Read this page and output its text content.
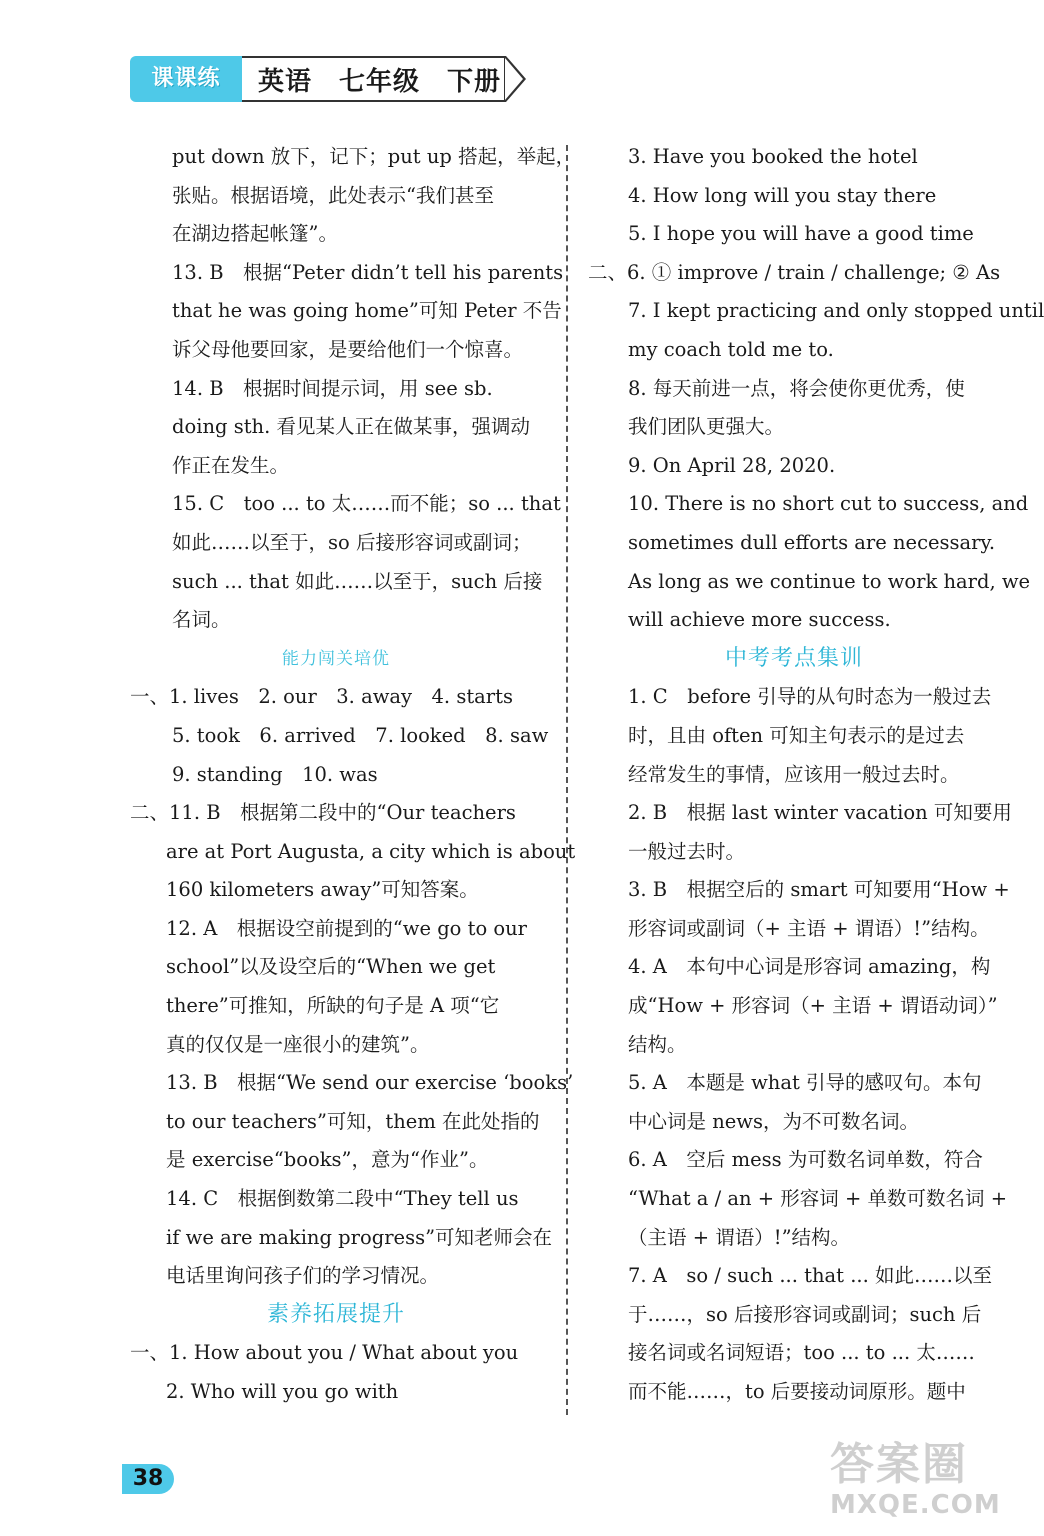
课课练	英语　七年级　下册
put down 放下，记下；put up 搭起，举起，
张贴。根据语境，此处表示“我们甚至
在湖边搭起帐篷”。
13. B　根据“Peter didn’t tell his parents
that he was going home”可知 Peter 不告
诉父母他要回家，是要给他们一个惊喜。
14. B　根据时间提示词，用 see sb.
doing sth. 看见某人正在做某事，强调动
作正在发生。
15. C　too ... to 太……而不能；so ... that
如此……以至于，so 后接形容词或副词；
such ... that 如此……以至于，such 后接
名词。
能力闯关培优
一、1. lives　2. our　3. away　4. starts
5. took　6. arrived　7. looked　8. saw
9. standing　10. was
二、11. B　根据第二段中的“Our teachers
are at Port Augusta, a city which is about
160 kilometers away”可知答案。
12. A　根据设空前提到的“we go to our
school”以及设空后的“When we get
there”可推知，所缺的句子是 A 项“它
真的仅仅是一座很小的建筑”。
13. B　根据“We send our exercise ‘books’
to our teachers”可知，them 在此处指的
是 exercise“books”，意为“作业”。
14. C　根据倒数第二段中“They tell us
if we are making progress”可知老师会在
电话里询问孩子们的学习情况。
素养拓展提升
一、1. How about you / What about you
2. Who will you go with
3. Have you booked the hotel
4. How long will you stay there
5. I hope you will have a good time
二、6. ① improve / train / challenge; ② As
7. I kept practicing and only stopped until
my coach told me to.
8. 每天前进一点，将会使你更优秀，使
我们团队更强大。
9. On April 28, 2020.
10. There is no short cut to success, and
sometimes dull efforts are necessary.
As long as we continue to work hard, we
will achieve more success.
中考考点集训
1. C　before 引导的从句时态为一般过去
时，且由 often 可知主句表示的是过去
经常发生的事情，应该用一般过去时。
2. B　根据 last winter vacation 可知要用
一般过去时。
3. B　根据空后的 smart 可知要用“How +
形容词或副词（+ 主语 + 谓语）!”结构。
4. A　本句中心词是形容词 amazing，构
成“How + 形容词（+ 主语 + 谓语动词）”
结构。
5. A　本题是 what 引导的感叹句。本句
中心词是 news，为不可数名词。
6. A　空后 mess 为可数名词单数，符合
“What a / an + 形容词 + 单数可数名词 +
（主语 + 谓语）!”结构。
7. A　so / such ... that ... 如此……以至
于……，so 后接形容词或副词；such 后
接名词或名词短语；too ... to ... 太……
而不能……，to 后要接动词原形。题中
38	答案圈
MXQE.COM
